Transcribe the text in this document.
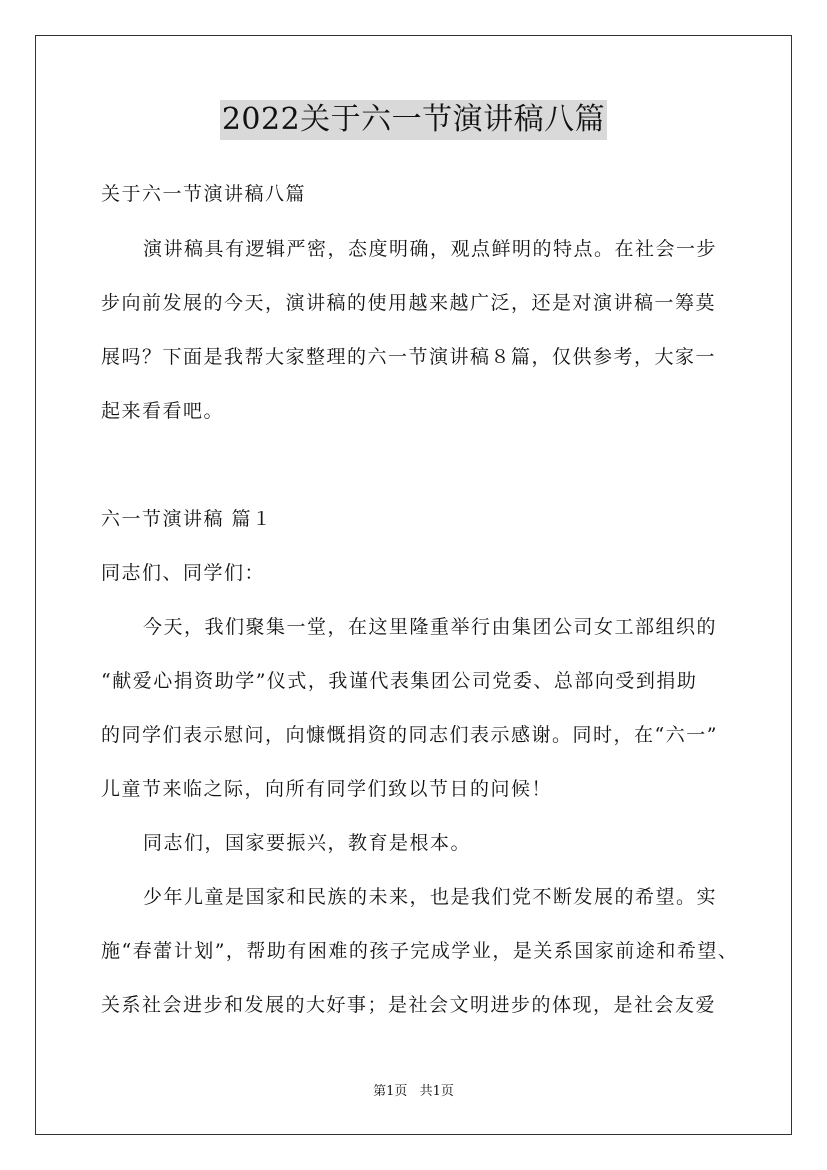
2022关于六一节演讲稿八篇
关于六一节演讲稿八篇
演讲稿具有逻辑严密，态度明确，观点鲜明的特点。在社会一步
步向前发展的今天，演讲稿的使用越来越广泛，还是对演讲稿一筹莫
展吗？下面是我帮大家整理的六一节演讲稿８篇，仅供参考，大家一
起来看看吧。
六一节演讲稿 篇１
同志们、同学们：
今天，我们聚集一堂，在这里隆重举行由集团公司女工部组织的
“献爱心捐资助学”仪式，我谨代表集团公司党委、总部向受到捐助
的同学们表示慰问，向慷慨捐资的同志们表示感谢。同时，在“六一”
儿童节来临之际，向所有同学们致以节日的问候！
同志们，国家要振兴，教育是根本。
少年儿童是国家和民族的未来，也是我们党不断发展的希望。实
施“春蕾计划”，帮助有困难的孩子完成学业，是关系国家前途和希望、
关系社会进步和发展的大好事；是社会文明进步的体现，是社会友爱
第1页 共1页
